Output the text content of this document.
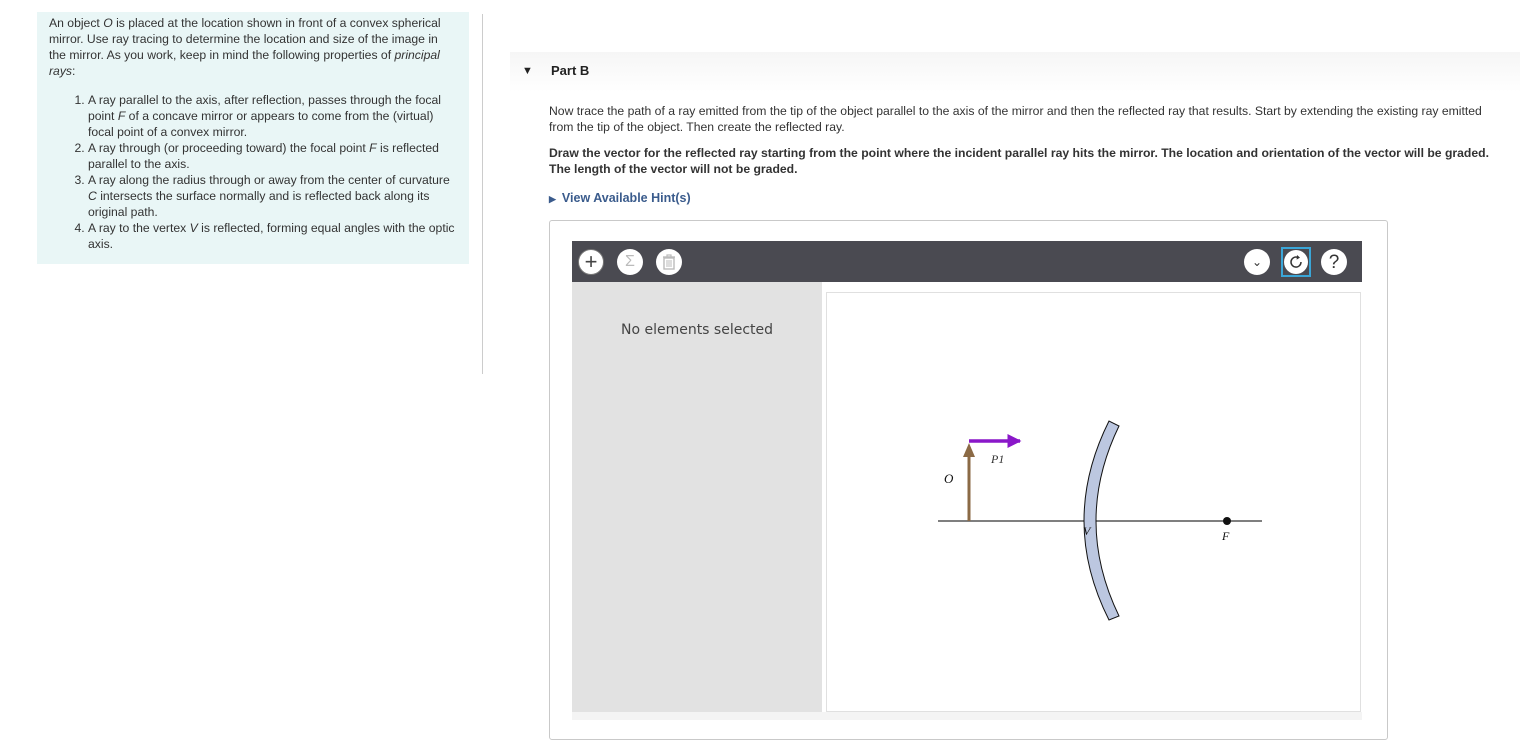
An object O is placed at the location shown in front of a convex spherical mirror. Use ray tracing to determine the location and size of the image in the mirror. As you work, keep in mind the following properties of principal rays:

1. A ray parallel to the axis, after reflection, passes through the focal point F of a concave mirror or appears to come from the (virtual) focal point of a convex mirror.
2. A ray through (or proceeding toward) the focal point F is reflected parallel to the axis.
3. A ray along the radius through or away from the center of curvature C intersects the surface normally and is reflected back along its original path.
4. A ray to the vertex V is reflected, forming equal angles with the optic axis.
▼ Part B
Now trace the path of a ray emitted from the tip of the object parallel to the axis of the mirror and then the reflected ray that results. Start by extending the existing ray emitted from the tip of the object. Then create the reflected ray.
Draw the vector for the reflected ray starting from the point where the incident parallel ray hits the mirror. The location and orientation of the vector will be graded. The length of the vector will not be graded.
▶ View Available Hint(s)
+ Σ	⌄	?
No elements selected
O
P1
V	F
